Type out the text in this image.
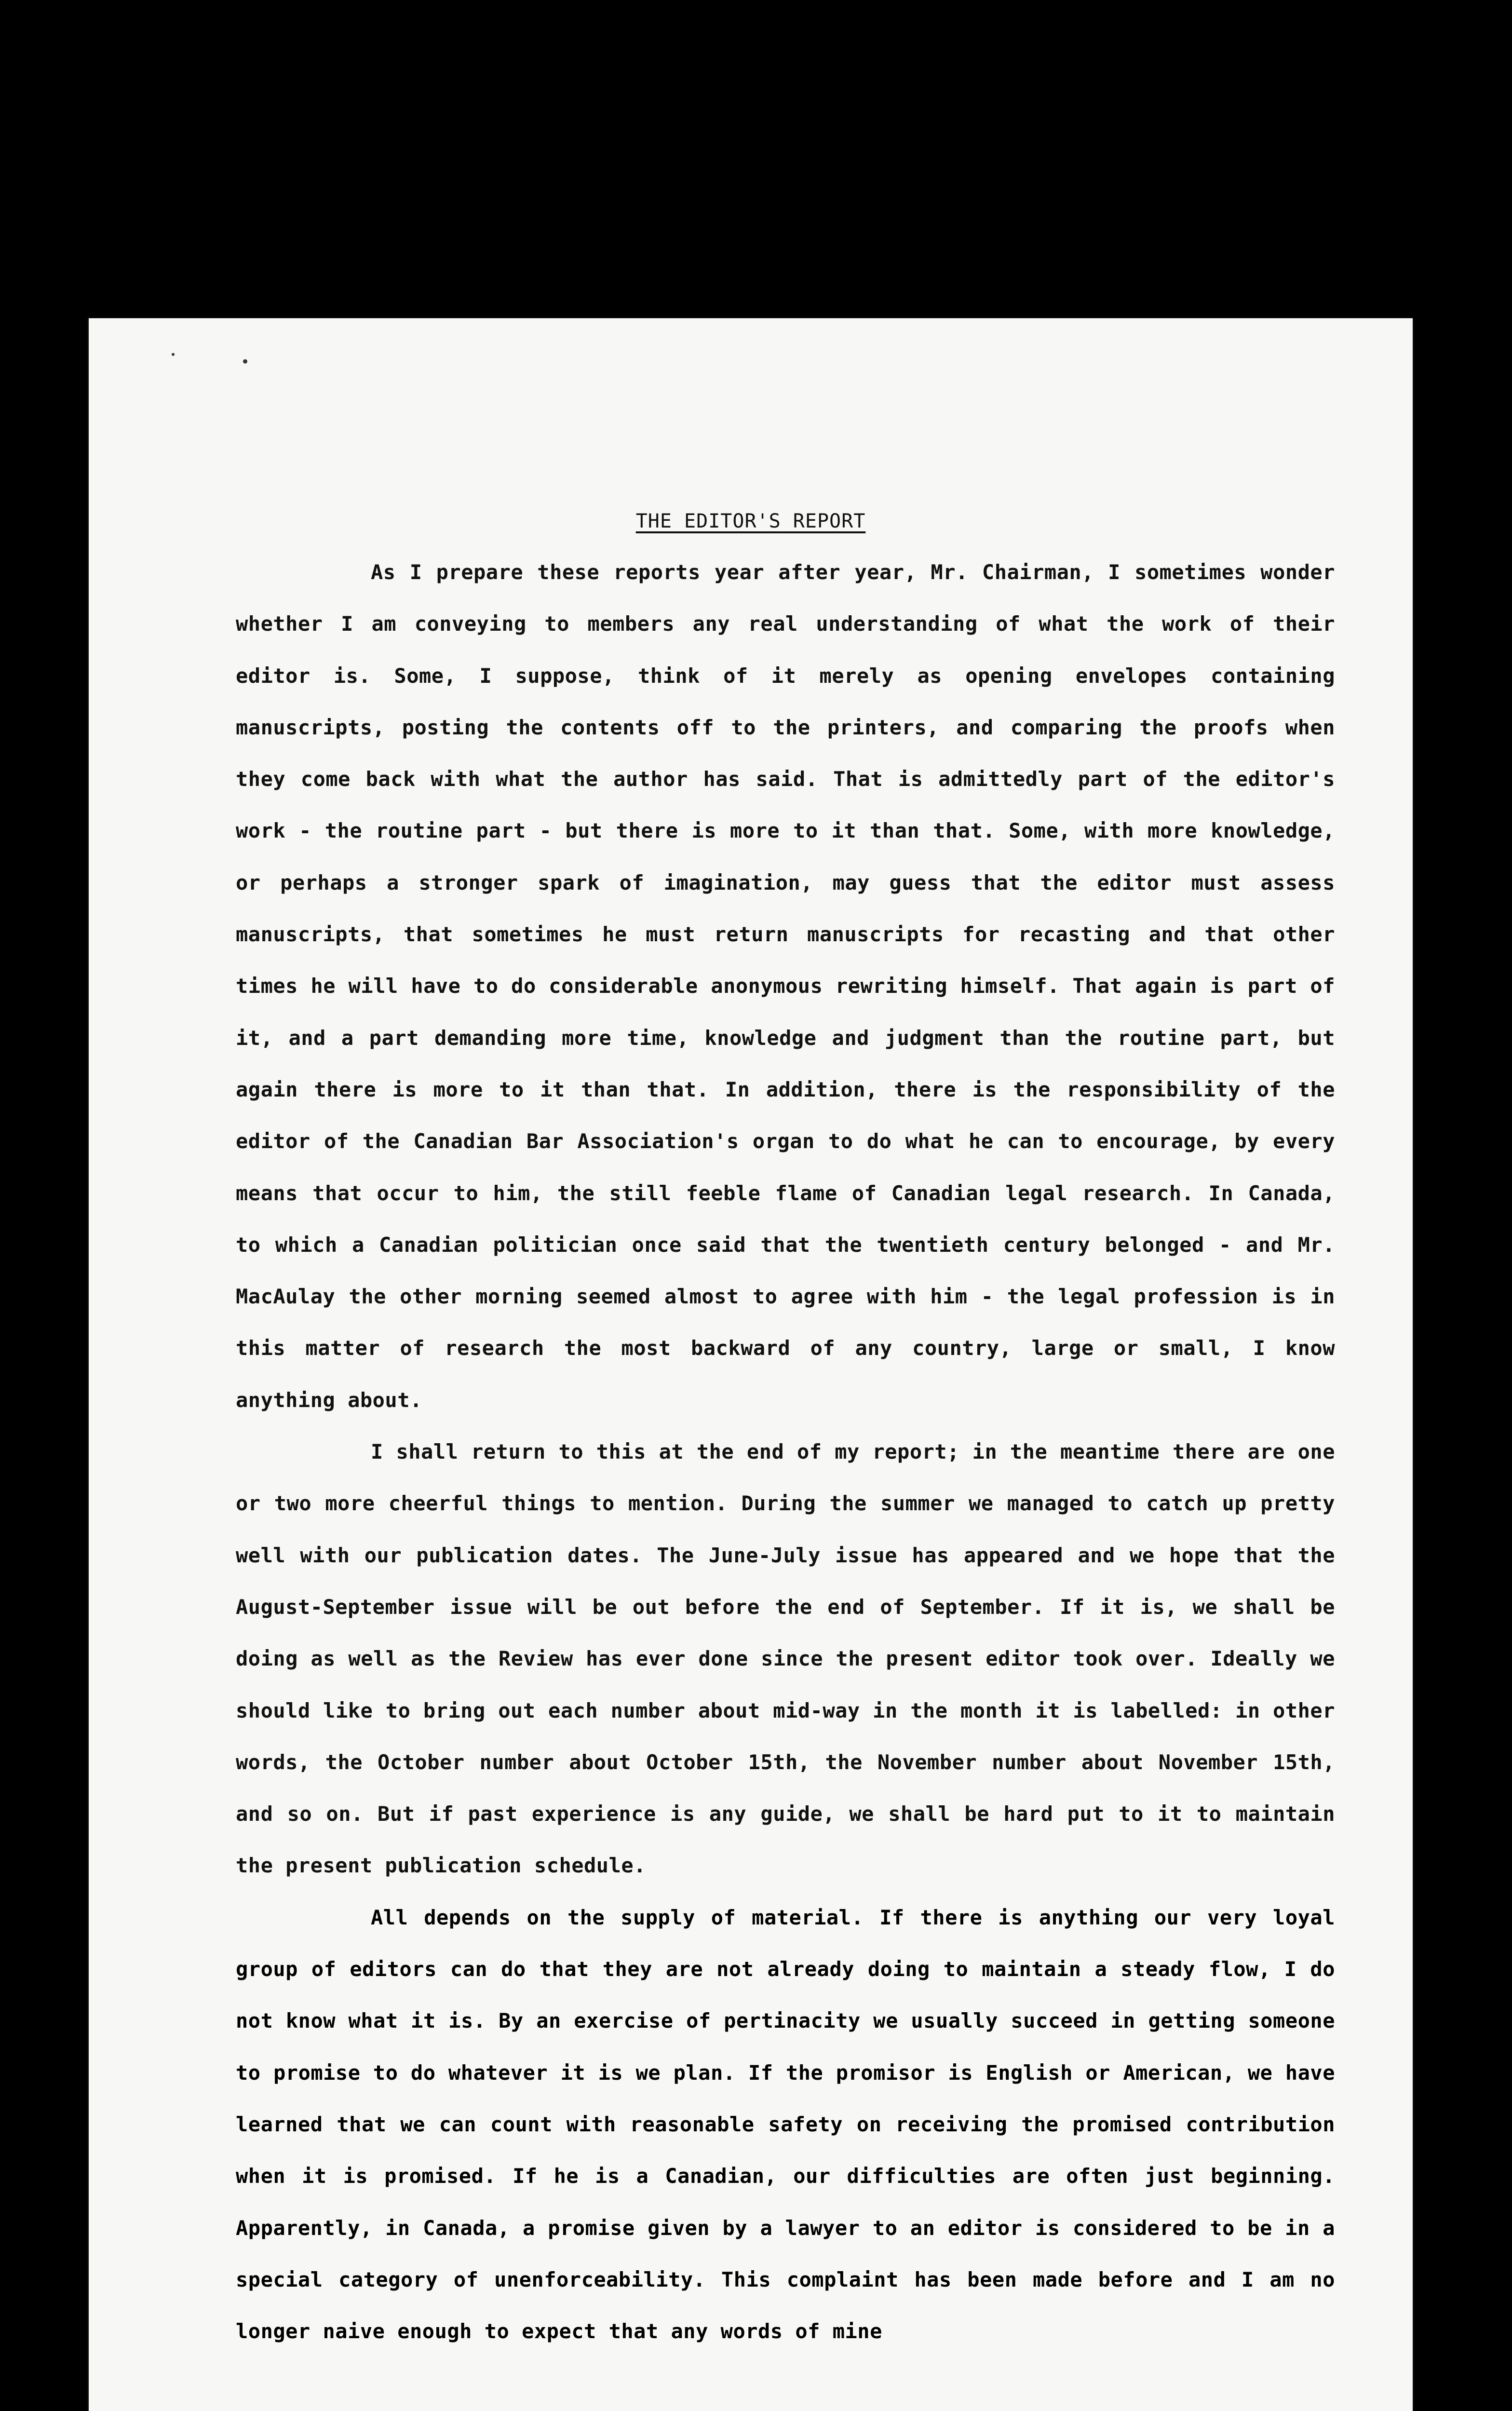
THE EDITOR'S REPORT

As I prepare these reports year after year, Mr. Chairman, I sometimes wonder whether I am conveying to members any real understanding of what the work of their editor is. Some, I suppose, think of it merely as opening envelopes containing manuscripts, posting the contents off to the printers, and comparing the proofs when they come back with what the author has said. That is admittedly part of the editor's work - the routine part - but there is more to it than that. Some, with more knowledge, or perhaps a stronger spark of imagination, may guess that the editor must assess manuscripts, that sometimes he must return manuscripts for recasting and that other times he will have to do considerable anonymous rewriting himself. That again is part of it, and a part demanding more time, knowledge and judgment than the routine part, but again there is more to it than that. In addition, there is the responsibility of the editor of the Canadian Bar Association's organ to do what he can to encourage, by every means that occur to him, the still feeble flame of Canadian legal research. In Canada, to which a Canadian politician once said that the twentieth century belonged - and Mr. MacAulay the other morning seemed almost to agree with him - the legal profession is in this matter of research the most backward of any country, large or small, I know anything about.

I shall return to this at the end of my report; in the meantime there are one or two more cheerful things to mention. During the summer we managed to catch up pretty well with our publication dates. The June-July issue has appeared and we hope that the August-September issue will be out before the end of September. If it is, we shall be doing as well as the Review has ever done since the present editor took over. Ideally we should like to bring out each number about mid-way in the month it is labelled: in other words, the October number about October 15th, the November number about November 15th, and so on. But if past experience is any guide, we shall be hard put to it to maintain the present publication schedule.

All depends on the supply of material. If there is anything our very loyal group of editors can do that they are not already doing to maintain a steady flow, I do not know what it is. By an exercise of pertinacity we usually succeed in getting someone to promise to do whatever it is we plan. If the promisor is English or American, we have learned that we can count with reasonable safety on receiving the promised contribution when it is promised. If he is a Canadian, our difficulties are often just beginning. Apparently, in Canada, a promise given by a lawyer to an editor is considered to be in a special category of unenforceability. This complaint has been made before and I am no longer naive enough to expect that any words of mine
